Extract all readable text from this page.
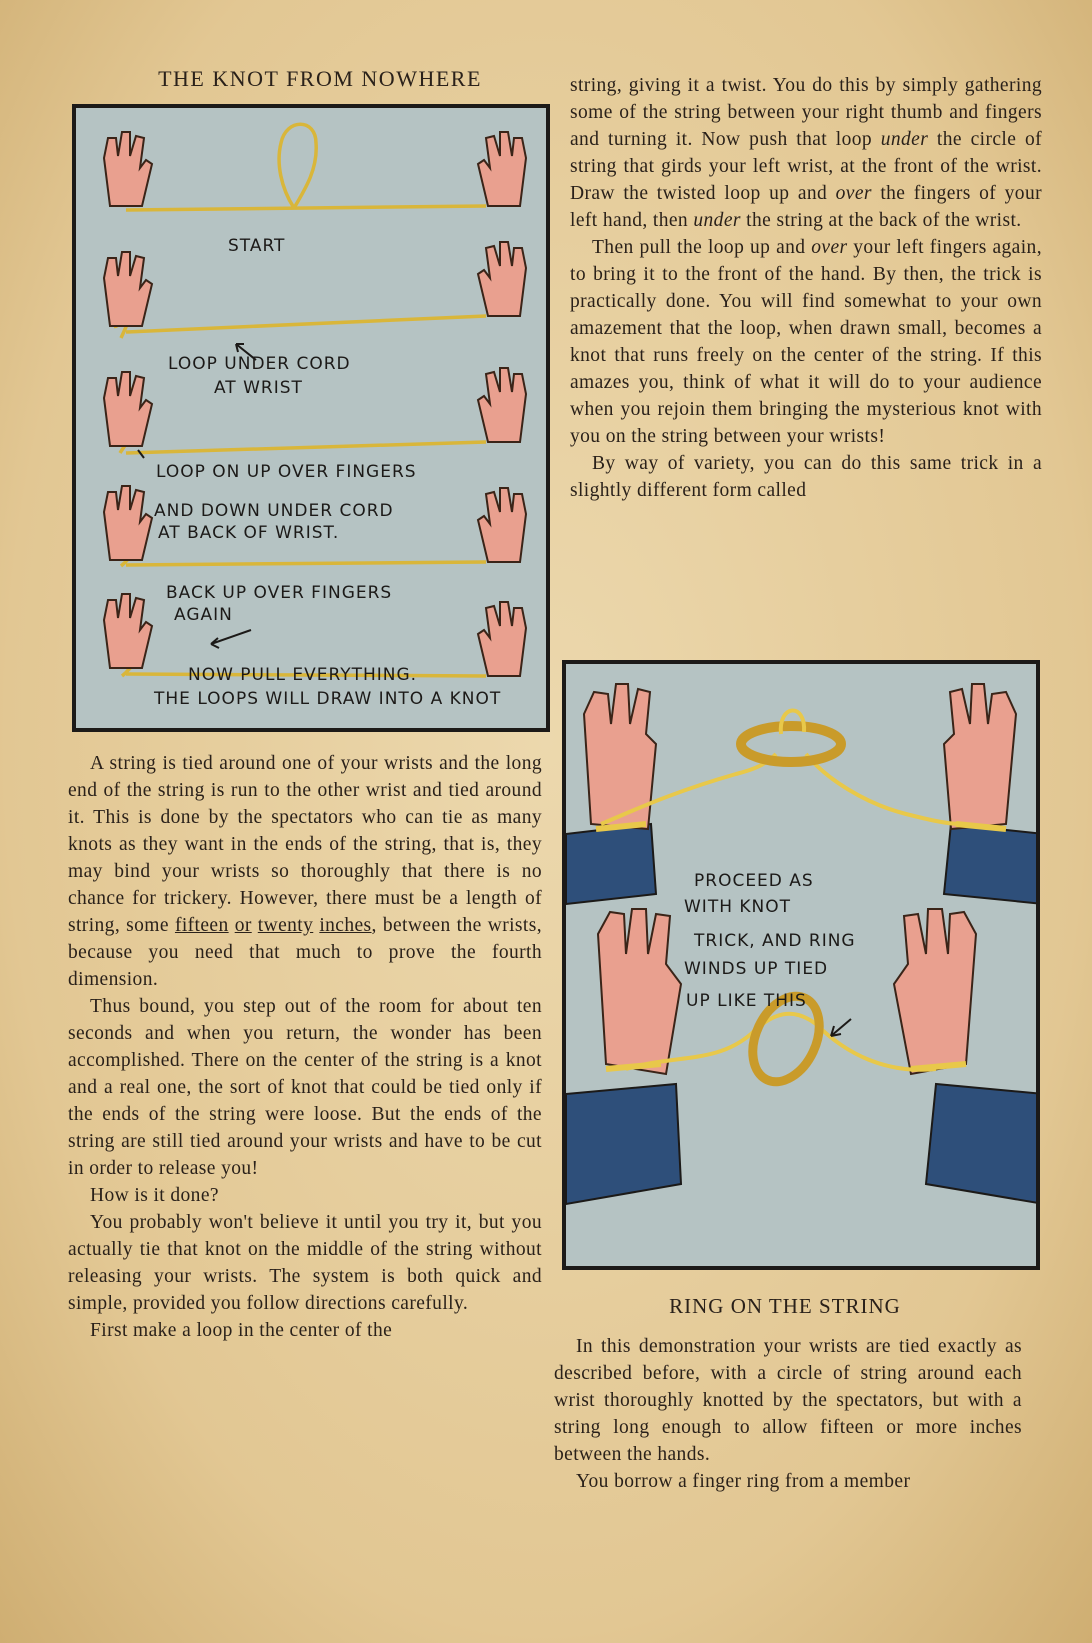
THE KNOT FROM NOWHERE
START
LOOP UNDER CORD
AT WRIST
LOOP ON UP OVER FINGERS
AND DOWN UNDER CORD
AT BACK OF WRIST.
BACK UP OVER FINGERS
AGAIN
NOW PULL EVERYTHING.
THE LOOPS WILL DRAW INTO A KNOT
PROCEED AS
WITH KNOT
TRICK, AND RING
WINDS UP TIED
UP LIKE THIS

A string is tied around one of your wrists and the long end of the string is run to the other wrist and tied around it. This is done by the spectators who can tie as many knots as they want in the ends of the string, that is, they may bind your wrists so thoroughly that there is no chance for trickery. However, there must be a length of string, some fifteen or twenty inches, between the wrists, because you need that much to prove the fourth dimension.

Thus bound, you step out of the room for about ten seconds and when you return, the wonder has been accomplished. There on the center of the string is a knot and a real one, the sort of knot that could be tied only if the ends of the string were loose. But the ends of the string are still tied around your wrists and have to be cut in order to release you!

How is it done?

You probably won't believe it until you try it, but you actually tie that knot on the middle of the string without releasing your wrists. The system is both quick and simple, provided you follow directions carefully.

First make a loop in the center of the

string, giving it a twist. You do this by simply gathering some of the string between your right thumb and fingers and turning it. Now push that loop under the circle of string that girds your left wrist, at the front of the wrist. Draw the twisted loop up and over the fingers of your left hand, then under the string at the back of the wrist.

Then pull the loop up and over your left fingers again, to bring it to the front of the hand. By then, the trick is practically done. You will find somewhat to your own amazement that the loop, when drawn small, becomes a knot that runs freely on the center of the string. If this amazes you, think of what it will do to your audience when you rejoin them bringing the mysterious knot with you on the string between your wrists!

By way of variety, you can do this same trick in a slightly different form called

RING ON THE STRING

In this demonstration your wrists are tied exactly as described before, with a circle of string around each wrist thoroughly knotted by the spectators, but with a string long enough to allow fifteen or more inches between the hands.

You borrow a finger ring from a member
